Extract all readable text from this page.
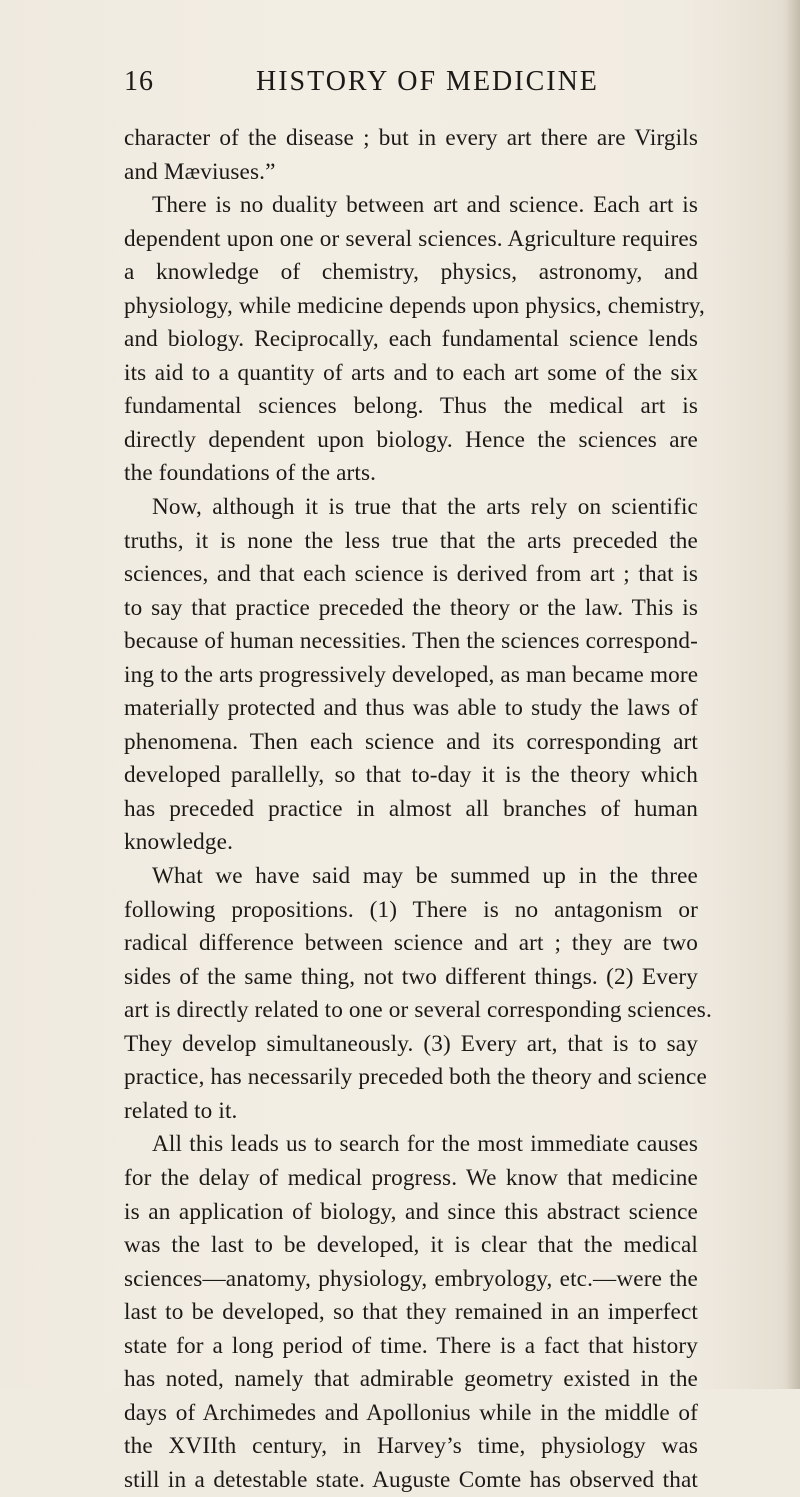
16	HISTORY OF MEDICINE
character of the disease ; but in every art there are Virgils
and Mæviuses.”
There is no duality between art and science. Each art is
dependent upon one or several sciences. Agriculture requires
a knowledge of chemistry, physics, astronomy, and
physiology, while medicine depends upon physics, chemistry,
and biology. Reciprocally, each fundamental science lends
its aid to a quantity of arts and to each art some of the six
fundamental sciences belong. Thus the medical art is
directly dependent upon biology. Hence the sciences are
the foundations of the arts.
Now, although it is true that the arts rely on scientific
truths, it is none the less true that the arts preceded the
sciences, and that each science is derived from art ; that is
to say that practice preceded the theory or the law. This is
because of human necessities. Then the sciences correspond-
ing to the arts progressively developed, as man became more
materially protected and thus was able to study the laws of
phenomena. Then each science and its corresponding art
developed parallelly, so that to-day it is the theory which
has preceded practice in almost all branches of human
knowledge.
What we have said may be summed up in the three
following propositions. (1) There is no antagonism or
radical difference between science and art ; they are two
sides of the same thing, not two different things. (2) Every
art is directly related to one or several corresponding sciences.
They develop simultaneously. (3) Every art, that is to say
practice, has necessarily preceded both the theory and science
related to it.
All this leads us to search for the most immediate causes
for the delay of medical progress. We know that medicine
is an application of biology, and since this abstract science
was the last to be developed, it is clear that the medical
sciences—anatomy, physiology, embryology, etc.—were the
last to be developed, so that they remained in an imperfect
state for a long period of time. There is a fact that history
has noted, namely that admirable geometry existed in the
days of Archimedes and Apollonius while in the middle of
the XVIIth century, in Harvey’s time, physiology was
still in a detestable state. Auguste Comte has observed that
